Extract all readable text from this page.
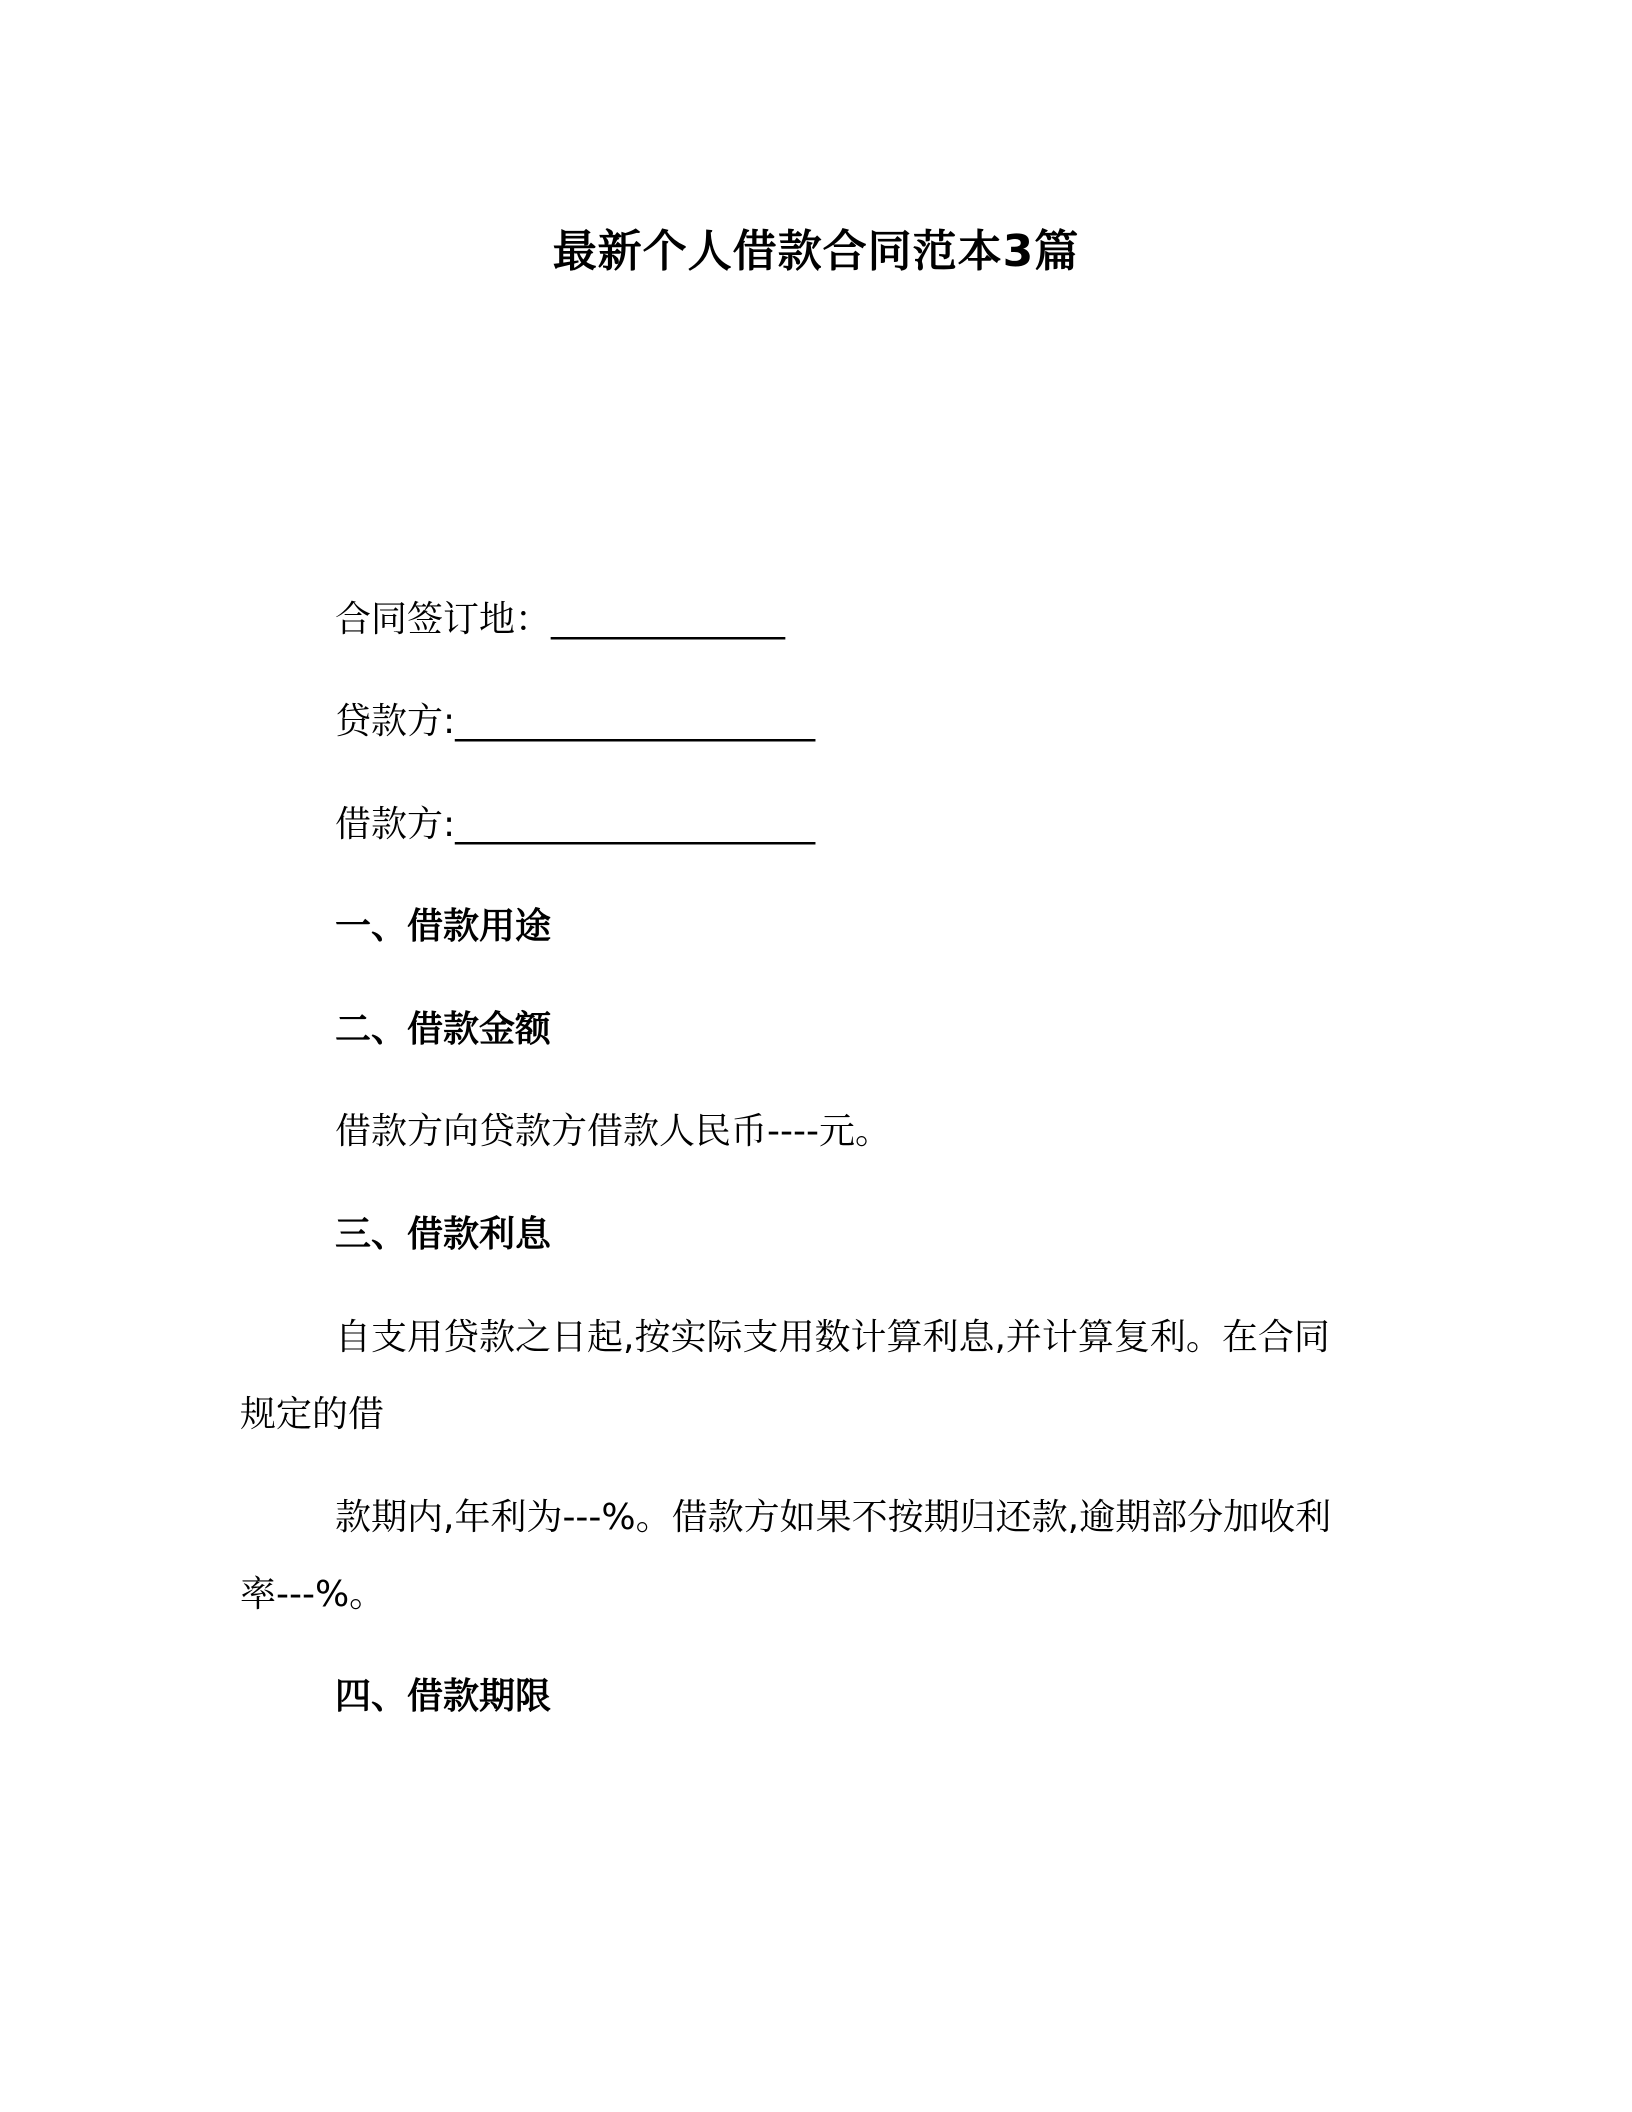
最新个人借款合同范本3篇
合同签订地：_____________
贷款方:____________________
借款方:____________________
一、借款用途
二、借款金额
借款方向贷款方借款人民币----元。
三、借款利息
自支用贷款之日起,按实际支用数计算利息,并计算复利。在合同
规定的借
款期内,年利为---%。借款方如果不按期归还款,逾期部分加收利
率---%。
四、借款期限
